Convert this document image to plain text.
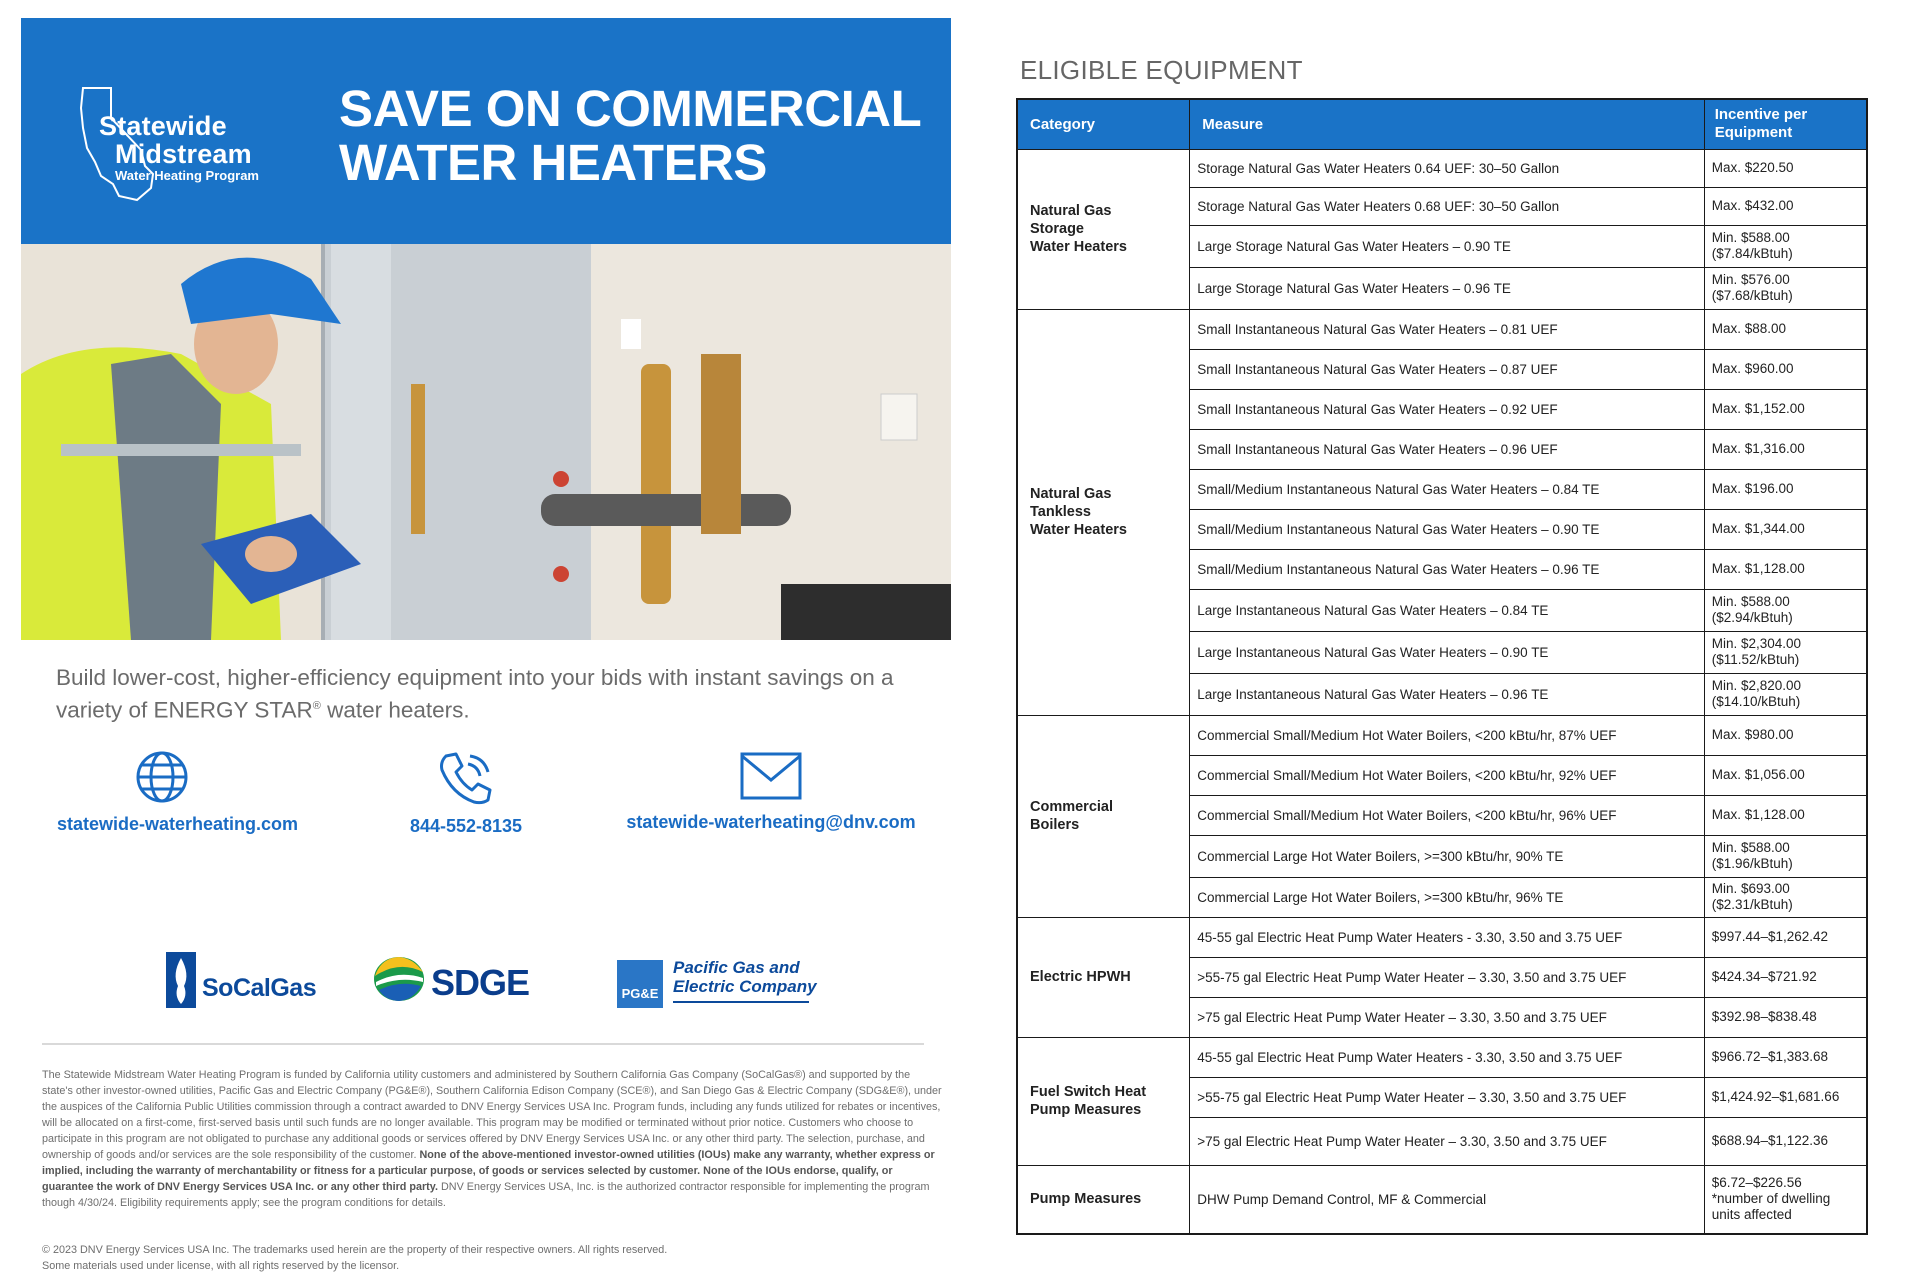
Statewide
Midstream
Water Heating Program
SAVE ON COMMERCIAL
WATER HEATERS
Build lower-cost, higher-efficiency equipment into your bids with instant savings on a variety of ENERGY STAR® water heaters.
statewide-waterheating.com	844-552-8135	statewide-waterheating@dnv.com
SoCalGas	SDGE	PG&E
Pacific Gas and
Electric Company
The Statewide Midstream Water Heating Program is funded by California utility customers and administered by Southern California Gas Company (SoCalGas®) and supported by the state's other investor-owned utilities, Pacific Gas and Electric Company (PG&E®), Southern California Edison Company (SCE®), and San Diego Gas & Electric Company (SDG&E®), under the auspices of the California Public Utilities commission through a contract awarded to DNV Energy Services USA Inc. Program funds, including any funds utilized for rebates or incentives, will be allocated on a first-come, first-served basis until such funds are no longer available. This program may be modified or terminated without prior notice. Customers who choose to participate in this program are not obligated to purchase any additional goods or services offered by DNV Energy Services USA Inc. or any other third party. The selection, purchase, and ownership of goods and/or services are the sole responsibility of the customer. None of the above-mentioned investor-owned utilities (IOUs) make any warranty, whether express or implied, including the warranty of merchantability or fitness for a particular purpose, of goods or services selected by customer. None of the IOUs endorse, qualify, or guarantee the work of DNV Energy Services USA Inc. or any other third party. DNV Energy Services USA, Inc. is the authorized contractor responsible for implementing the program though 4/30/24. Eligibility requirements apply; see the program conditions for details.
© 2023 DNV Energy Services USA Inc. The trademarks used herein are the property of their respective owners. All rights reserved.
Some materials used under license, with all rights reserved by the licensor.
ELIGIBLE EQUIPMENT
Category	Measure	Incentive per
Equipment

Natural Gas
Storage
Water Heaters	Storage Natural Gas Water Heaters 0.64 UEF: 30–50 Gallon	Max. $220.50

	Storage Natural Gas Water Heaters 0.68 UEF: 30–50 Gallon	Max. $432.00

	Large Storage Natural Gas Water Heaters – 0.90 TE	Min. $588.00
($7.84/kBtuh)

	Large Storage Natural Gas Water Heaters – 0.96 TE	Min. $576.00
($7.68/kBtuh)

Natural Gas
Tankless
Water Heaters	Small Instantaneous Natural Gas Water Heaters – 0.81 UEF	Max. $88.00

	Small Instantaneous Natural Gas Water Heaters – 0.87 UEF	Max. $960.00

	Small Instantaneous Natural Gas Water Heaters – 0.92 UEF	Max. $1,152.00

	Small Instantaneous Natural Gas Water Heaters – 0.96 UEF	Max. $1,316.00

	Small/Medium Instantaneous Natural Gas Water Heaters – 0.84 TE	Max. $196.00

	Small/Medium Instantaneous Natural Gas Water Heaters – 0.90 TE	Max. $1,344.00

	Small/Medium Instantaneous Natural Gas Water Heaters – 0.96 TE	Max. $1,128.00

	Large Instantaneous Natural Gas Water Heaters – 0.84 TE	Min. $588.00
($2.94/kBtuh)

	Large Instantaneous Natural Gas Water Heaters – 0.90 TE	Min. $2,304.00
($11.52/kBtuh)

	Large Instantaneous Natural Gas Water Heaters – 0.96 TE	Min. $2,820.00
($14.10/kBtuh)

Commercial
Boilers	Commercial Small/Medium Hot Water Boilers, <200 kBtu/hr, 87% UEF	Max. $980.00

	Commercial Small/Medium Hot Water Boilers, <200 kBtu/hr, 92% UEF	Max. $1,056.00

	Commercial Small/Medium Hot Water Boilers, <200 kBtu/hr, 96% UEF	Max. $1,128.00

	Commercial Large Hot Water Boilers, >=300 kBtu/hr, 90% TE	Min. $588.00
($1.96/kBtuh)

	Commercial Large Hot Water Boilers, >=300 kBtu/hr, 96% TE	Min. $693.00
($2.31/kBtuh)

Electric HPWH	45-55 gal Electric Heat Pump Water Heaters - 3.30, 3.50 and 3.75 UEF	$997.44–$1,262.42

	>55-75 gal Electric Heat Pump Water Heater – 3.30, 3.50 and 3.75 UEF	$424.34–$721.92

	>75 gal Electric Heat Pump Water Heater – 3.30, 3.50 and 3.75 UEF	$392.98–$838.48

Fuel Switch Heat
Pump Measures	45-55 gal Electric Heat Pump Water Heaters - 3.30, 3.50 and 3.75 UEF	$966.72–$1,383.68

	>55-75 gal Electric Heat Pump Water Heater – 3.30, 3.50 and 3.75 UEF	$1,424.92–$1,681.66

	>75 gal Electric Heat Pump Water Heater – 3.30, 3.50 and 3.75 UEF	$688.94–$1,122.36

Pump Measures	DHW Pump Demand Control, MF & Commercial	$6.72–$226.56
*number of dwelling
units affected
